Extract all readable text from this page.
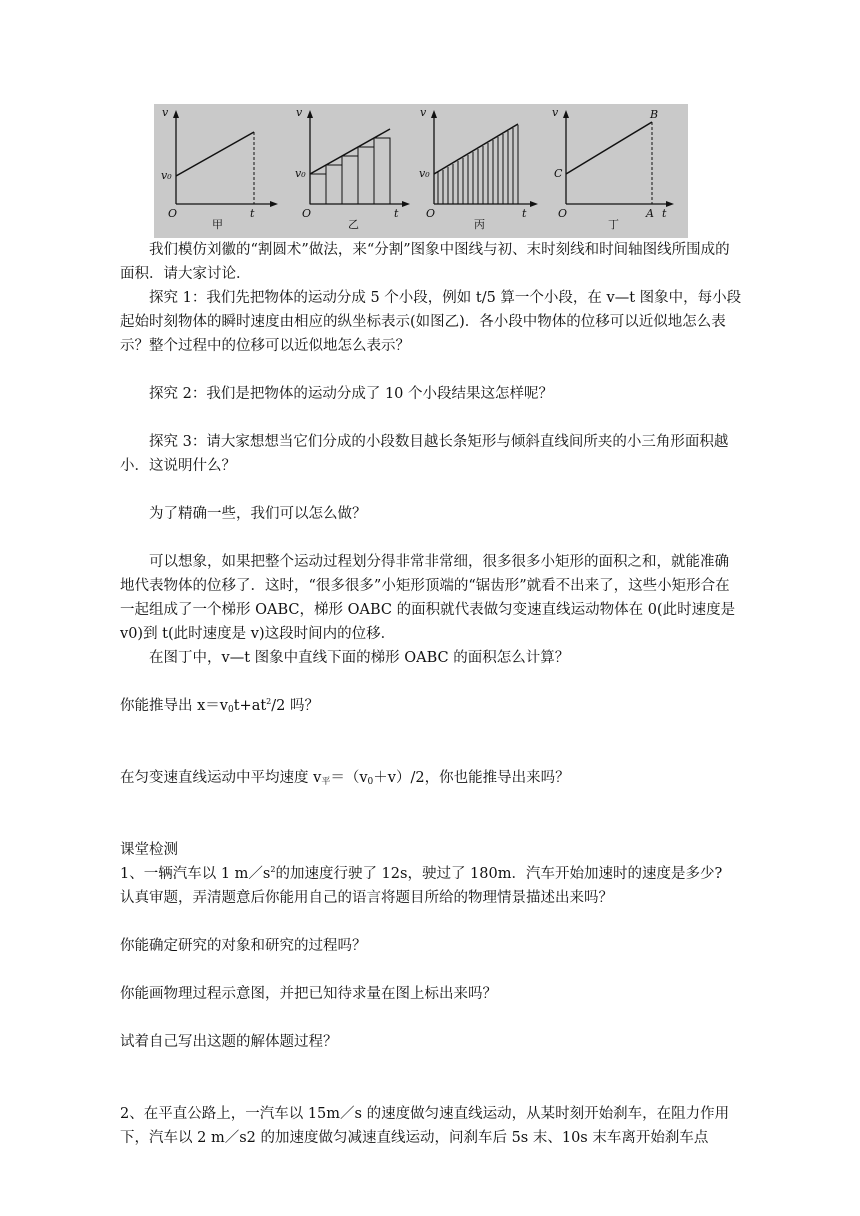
v
v₀
O	t
甲
v
v₀
O	t
乙
v
v₀
O	t
丙
v	B
C
O	A t
丁

我们模仿刘徽的“割圆术”做法，来“分割”图象中图线与初、末时刻线和时间轴图线所围成的面积．请大家讨论．

探究 1：我们先把物体的运动分成 5 个小段，例如 t/5 算一个小段，在 v—t 图象中，每小段起始时刻物体的瞬时速度由相应的纵坐标表示(如图乙)．各小段中物体的位移可以近似地怎么表示？整个过程中的位移可以近似地怎么表示？

探究 2：我们是把物体的运动分成了 10 个小段结果这怎样呢？

探究 3：请大家想想当它们分成的小段数目越长条矩形与倾斜直线间所夹的小三角形面积越小．这说明什么？

为了精确一些，我们可以怎么做？

可以想象，如果把整个运动过程划分得非常非常细，很多很多小矩形的面积之和，就能准确地代表物体的位移了．这时，“很多很多”小矩形顶端的“锯齿形”就看不出来了，这些小矩形合在一起组成了一个梯形 OABC，梯形 OABC 的面积就代表做匀变速直线运动物体在 0(此时速度是 v0)到 t(此时速度是 v)这段时间内的位移．

在图丁中，v—t 图象中直线下面的梯形 OABC 的面积怎么计算？

你能推导出 $x=v_0t+at^2/2$ 吗？

在匀变速直线运动中平均速度 $v_平=(v_0+v)/2$，你也能推导出来吗？

课堂检测

1、一辆汽车以 1 $m/s^2$的加速度行驶了 12s，驶过了 180m．汽车开始加速时的速度是多少?

认真审题，弄清题意后你能用自己的语言将题目所给的物理情景描述出来吗？

你能确定研究的对象和研究的过程吗？

你能画物理过程示意图，并把已知待求量在图上标出来吗？

试着自己写出这题的解体题过程？

2、在平直公路上，一汽车以 15m／s 的速度做匀速直线运动，从某时刻开始刹车，在阻力作用下，汽车以 2 m／s2 的加速度做匀减速直线运动，问刹车后 5s 末、10s 末车离开始刹车点
